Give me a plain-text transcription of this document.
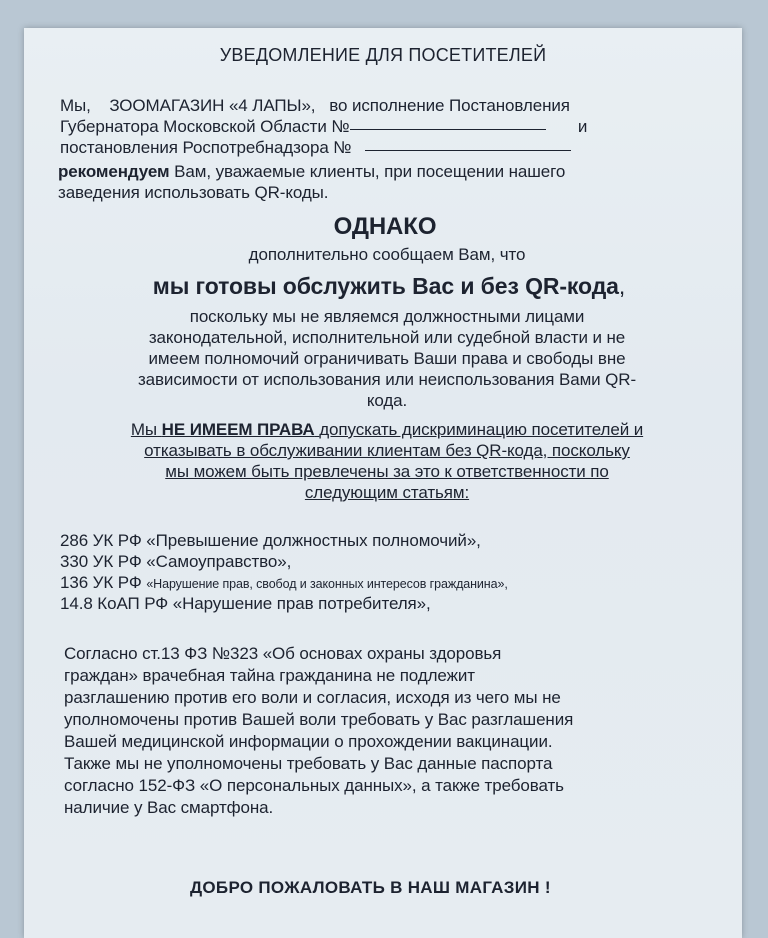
УВЕДОМЛЕНИЕ ДЛЯ ПОСЕТИТЕЛЕЙ
Мы, ЗООМАГАЗИН «4 ЛАПЫ», во исполнение Постановления
Губернатора Московской Области №	и
постановления Роспотребнадзора №
рекомендуем Вам, уважаемые клиенты, при посещении нашего
заведения использовать QR-коды.
ОДНАКО
дополнительно сообщаем Вам, что
мы готовы обслужить Вас и без QR-кода,
поскольку мы не являемся должностными лицами
законодательной, исполнительной или судебной власти и не
имеем полномочий ограничивать Ваши права и свободы вне
зависимости от использования или неиспользования Вами QR-
кода.
Мы НЕ ИМЕЕМ ПРАВА допускать дискриминацию посетителей и
отказывать в обслуживании клиентам без QR-кода, поскольку
мы можем быть превлечены за это к ответственности по
следующим статьям:
286 УК РФ «Превышение должностных полномочий»,
330 УК РФ «Самоуправство»,
136 УК РФ «Нарушение прав, свобод и законных интересов гражданина»,
14.8 КоАП РФ «Нарушение прав потребителя»,
Согласно ст.13 ФЗ №323 «Об основах охраны здоровья
граждан» врачебная тайна гражданина не подлежит
разглашению против его воли и согласия, исходя из чего мы не
уполномочены против Вашей воли требовать у Вас разглашения
Вашей медицинской информации о прохождении вакцинации.
Также мы не уполномочены требовать у Вас данные паспорта
согласно 152-ФЗ «О персональных данных», а также требовать
наличие у Вас смартфона.
ДОБРО ПОЖАЛОВАТЬ В НАШ МАГАЗИН !
